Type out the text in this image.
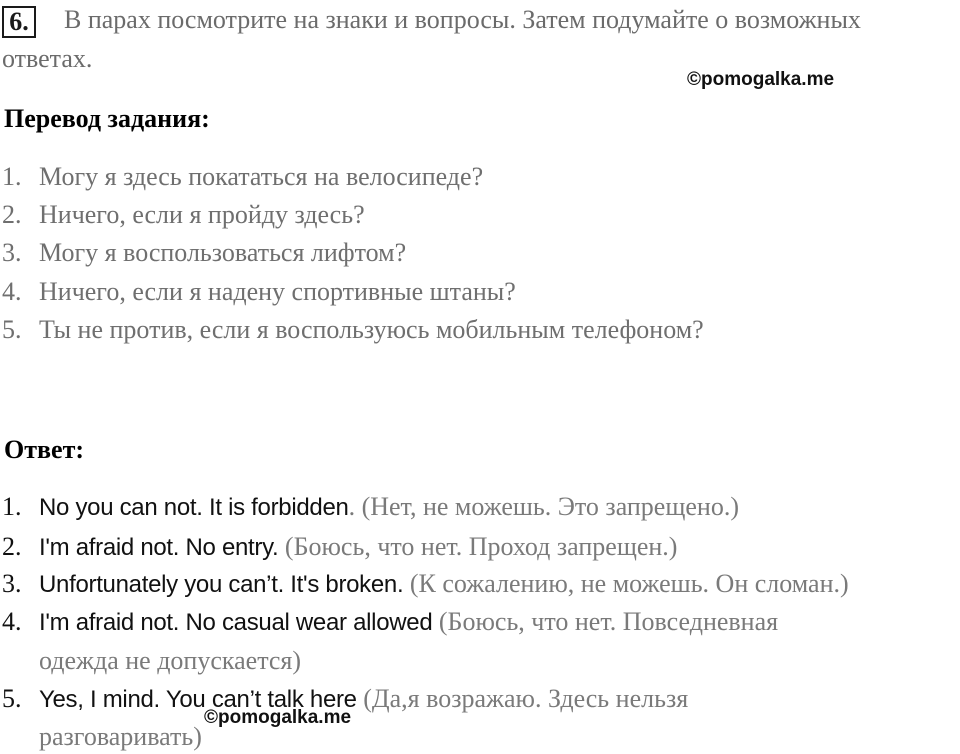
6. В парах посмотрите на знаки и вопросы. Затем подумайте о возможных
ответах.
©pomogalka.me
Перевод задания:
1. Могу я здесь покататься на велосипеде?
2. Ничего, если я пройду здесь?
3. Могу я воспользоваться лифтом?
4. Ничего, если я надену спортивные штаны?
5. Ты не против, если я воспользуюсь мобильным телефоном?
Ответ:
1. No you can not. It is forbidden. (Нет, не можешь. Это запрещено.)
2. I'm afraid not. No entry. (Боюсь, что нет. Проход запрещен.)
3. Unfortunately you can’t. It's broken. (К сожалению, не можешь. Он сломан.)
4. I'm afraid not. No casual wear allowed (Боюсь, что нет. Повседневная
одежда не допускается)
5. Yes, I mind. You can’t talk here (Да,я возражаю. Здесь нельзя
©pomogalka.me
разговаривать)
